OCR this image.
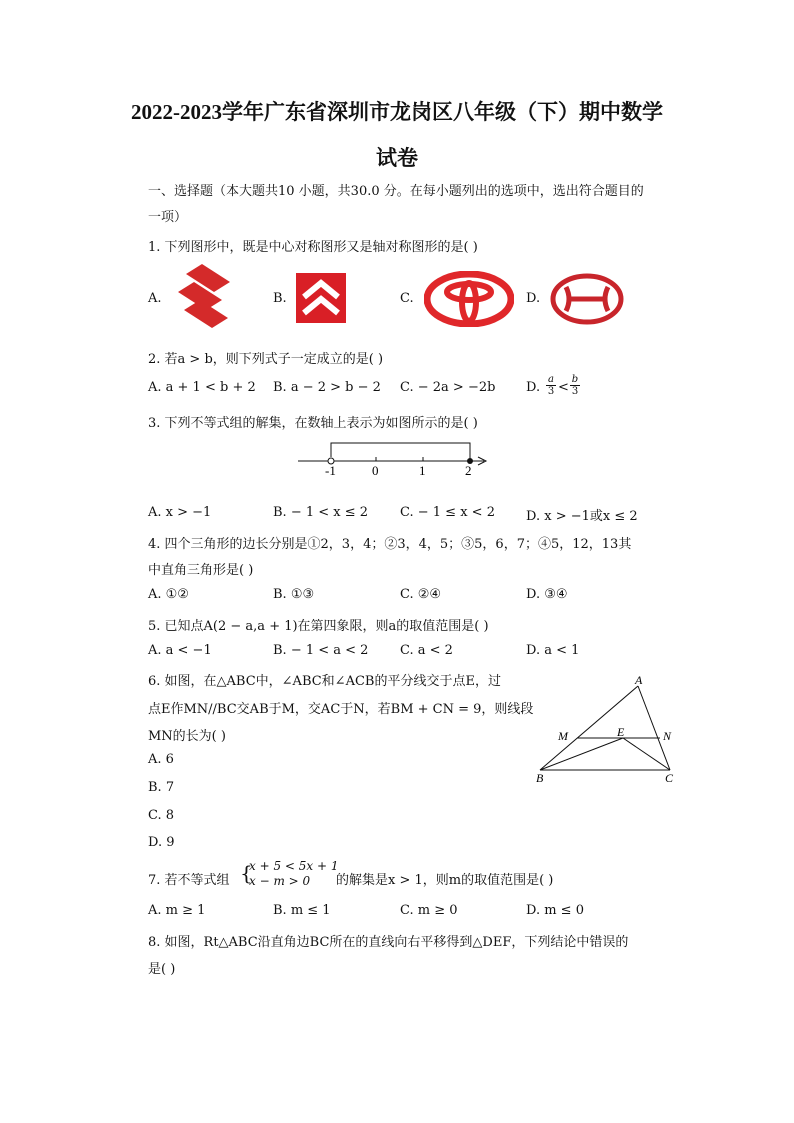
2022-2023学年广东省深圳市龙岗区八年级（下）期中数学
试卷
一、选择题（本大题共10 小题，共30.0 分。在每小题列出的选项中，选出符合题目的
一项）
1. 下列图形中，既是中心对称图形又是轴对称图形的是( )
A.	B.	C.	D.
2. 若a > b，则下列式子一定成立的是( )
A. a + 1 < b + 2 B. a − 2 > b − 2 C. − 2a > −2b D. $\frac{a}{3} < \frac{b}{3}$
3. 下列不等式组的解集，在数轴上表示为如图所示的是( )
-1	0	1	2
A. x > −1	B. − 1 < x ≤ 2 C. − 1 ≤ x < 2 D. x > −1或x ≤ 2
4. 四个三角形的边长分别是①2，3，4；②3，4，5；③5，6，7；④5，12，13其
中直角三角形是( )
A. ①②	B. ①③	C. ②④	D. ③④
5. 已知点A(2 − a,a + 1)在第四象限，则a的取值范围是( )
A. a < −1	B. − 1 < a < 2 C. a < 2	D. a < 1
6. 如图，在△ABC中，∠ABC和∠ACB的平分线交于点E，过
点E作MN//BC交AB于M，交AC于N，若BM + CN = 9，则线段
MN的长为( )
A. 6
B. 7
C. 8
D. 9
A
M	E	N
B	C
7. 若不等式组 {
x + 5 < 5x + 1
x − m > 0 的解集是x > 1，则m的取值范围是( )
A. m ≥ 1	B. m ≤ 1	C. m ≥ 0	D. m ≤ 0
8. 如图，Rt△ABC沿直角边BC所在的直线向右平移得到△DEF，下列结论中错误的
是( )
